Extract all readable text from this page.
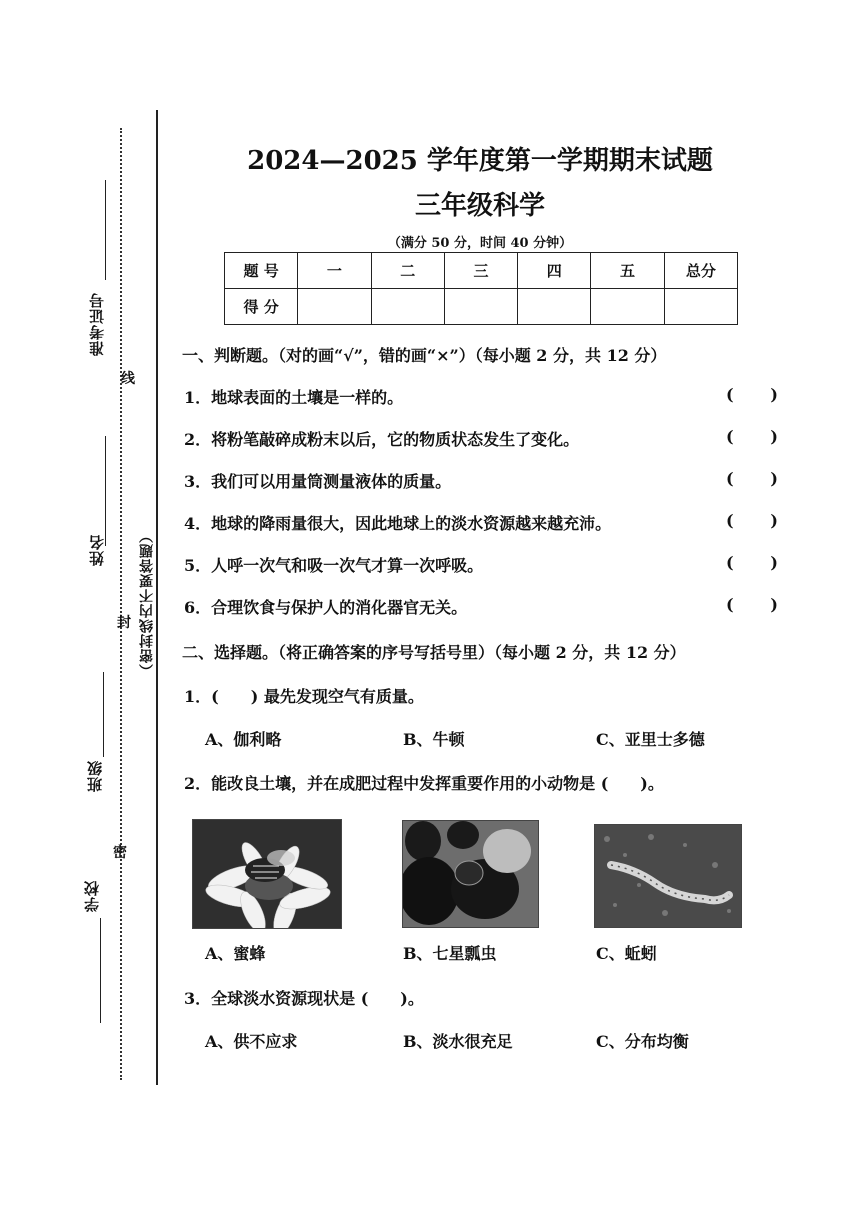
准考证号
姓名
班级
学校
线
封
密
（密封线内不要答题）
2024—2025 学年度第一学期期末试题
三年级科学
（满分 50 分，时间 40 分钟）
题 号	一	二	三	四	五	总分
得 分						
一、判断题。（对的画“√”，错的画“×”）（每小题 2 分，共 12 分）
1．地球表面的土壤是一样的。	( )
2．将粉笔敲碎成粉末以后，它的物质状态发生了变化。	( )
3．我们可以用量筒测量液体的质量。	( )
4．地球的降雨量很大，因此地球上的淡水资源越来越充沛。	( )
5．人呼一次气和吸一次气才算一次呼吸。	( )
6．合理饮食与保护人的消化器官无关。	( )
二、选择题。（将正确答案的序号写括号里）（每小题 2 分，共 12 分）
1．(　　) 最先发现空气有质量。
A、伽利略	B、牛顿	C、亚里士多德
2．能改良土壤，并在成肥过程中发挥重要作用的小动物是 (　　)。
A、蜜蜂	B、七星瓢虫	C、蚯蚓
3．全球淡水资源现状是 (　　)。
A、供不应求	B、淡水很充足	C、分布均衡
